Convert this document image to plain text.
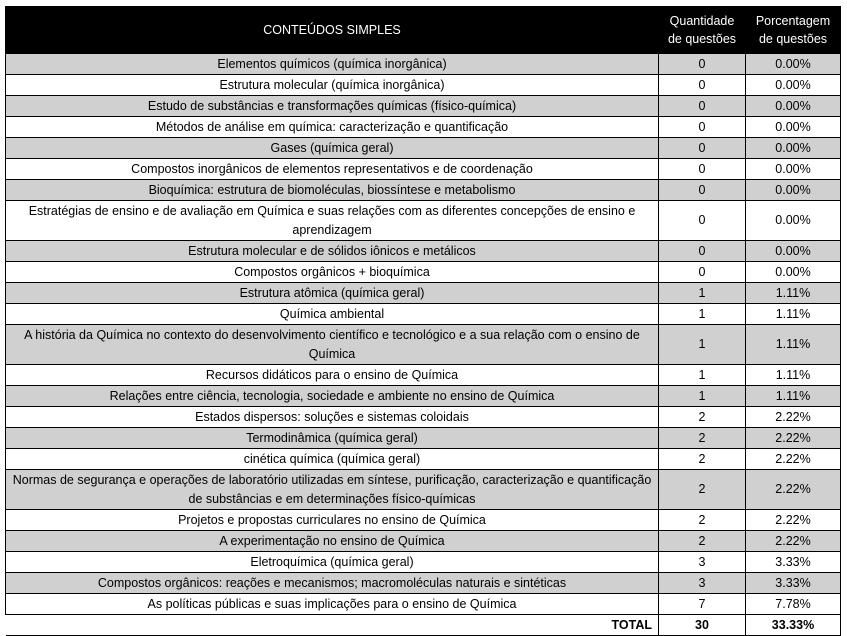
CONTEÚDOS SIMPLES	Quantidade de questões	Porcentagem de questões
Elementos químicos (química inorgânica)	0	0.00%
Estrutura molecular (química inorgânica)	0	0.00%
Estudo de substâncias e transformações químicas (físico-química)	0	0.00%
Métodos de análise em química: caracterização e quantificação	0	0.00%
Gases (química geral)	0	0.00%
Compostos inorgânicos de elementos representativos e de coordenação	0	0.00%
Bioquímica: estrutura de biomoléculas, biossíntese e metabolismo	0	0.00%
Estratégias de ensino e de avaliação em Química e suas relações com as diferentes concepções de ensino e aprendizagem	0	0.00%
Estrutura molecular e de sólidos iônicos e metálicos	0	0.00%
Compostos orgânicos + bioquímica	0	0.00%
Estrutura atômica (química geral)	1	1.11%
Química ambiental	1	1.11%
A história da Química no contexto do desenvolvimento científico e tecnológico e a sua relação com o ensino de Química	1	1.11%
Recursos didáticos para o ensino de Química	1	1.11%
Relações entre ciência, tecnologia, sociedade e ambiente no ensino de Química	1	1.11%
Estados dispersos: soluções e sistemas coloidais	2	2.22%
Termodinâmica (química geral)	2	2.22%
cinética química (química geral)	2	2.22%
Normas de segurança e operações de laboratório utilizadas em síntese, purificação, caracterização e quantificação de substâncias e em determinações físico-químicas	2	2.22%
Projetos e propostas curriculares no ensino de Química	2	2.22%
A experimentação no ensino de Química	2	2.22%
Eletroquímica (química geral)	3	3.33%
Compostos orgânicos: reações e mecanismos; macromoléculas naturais e sintéticas	3	3.33%
As políticas públicas e suas implicações para o ensino de Química	7	7.78%
TOTAL	30	33.33%
